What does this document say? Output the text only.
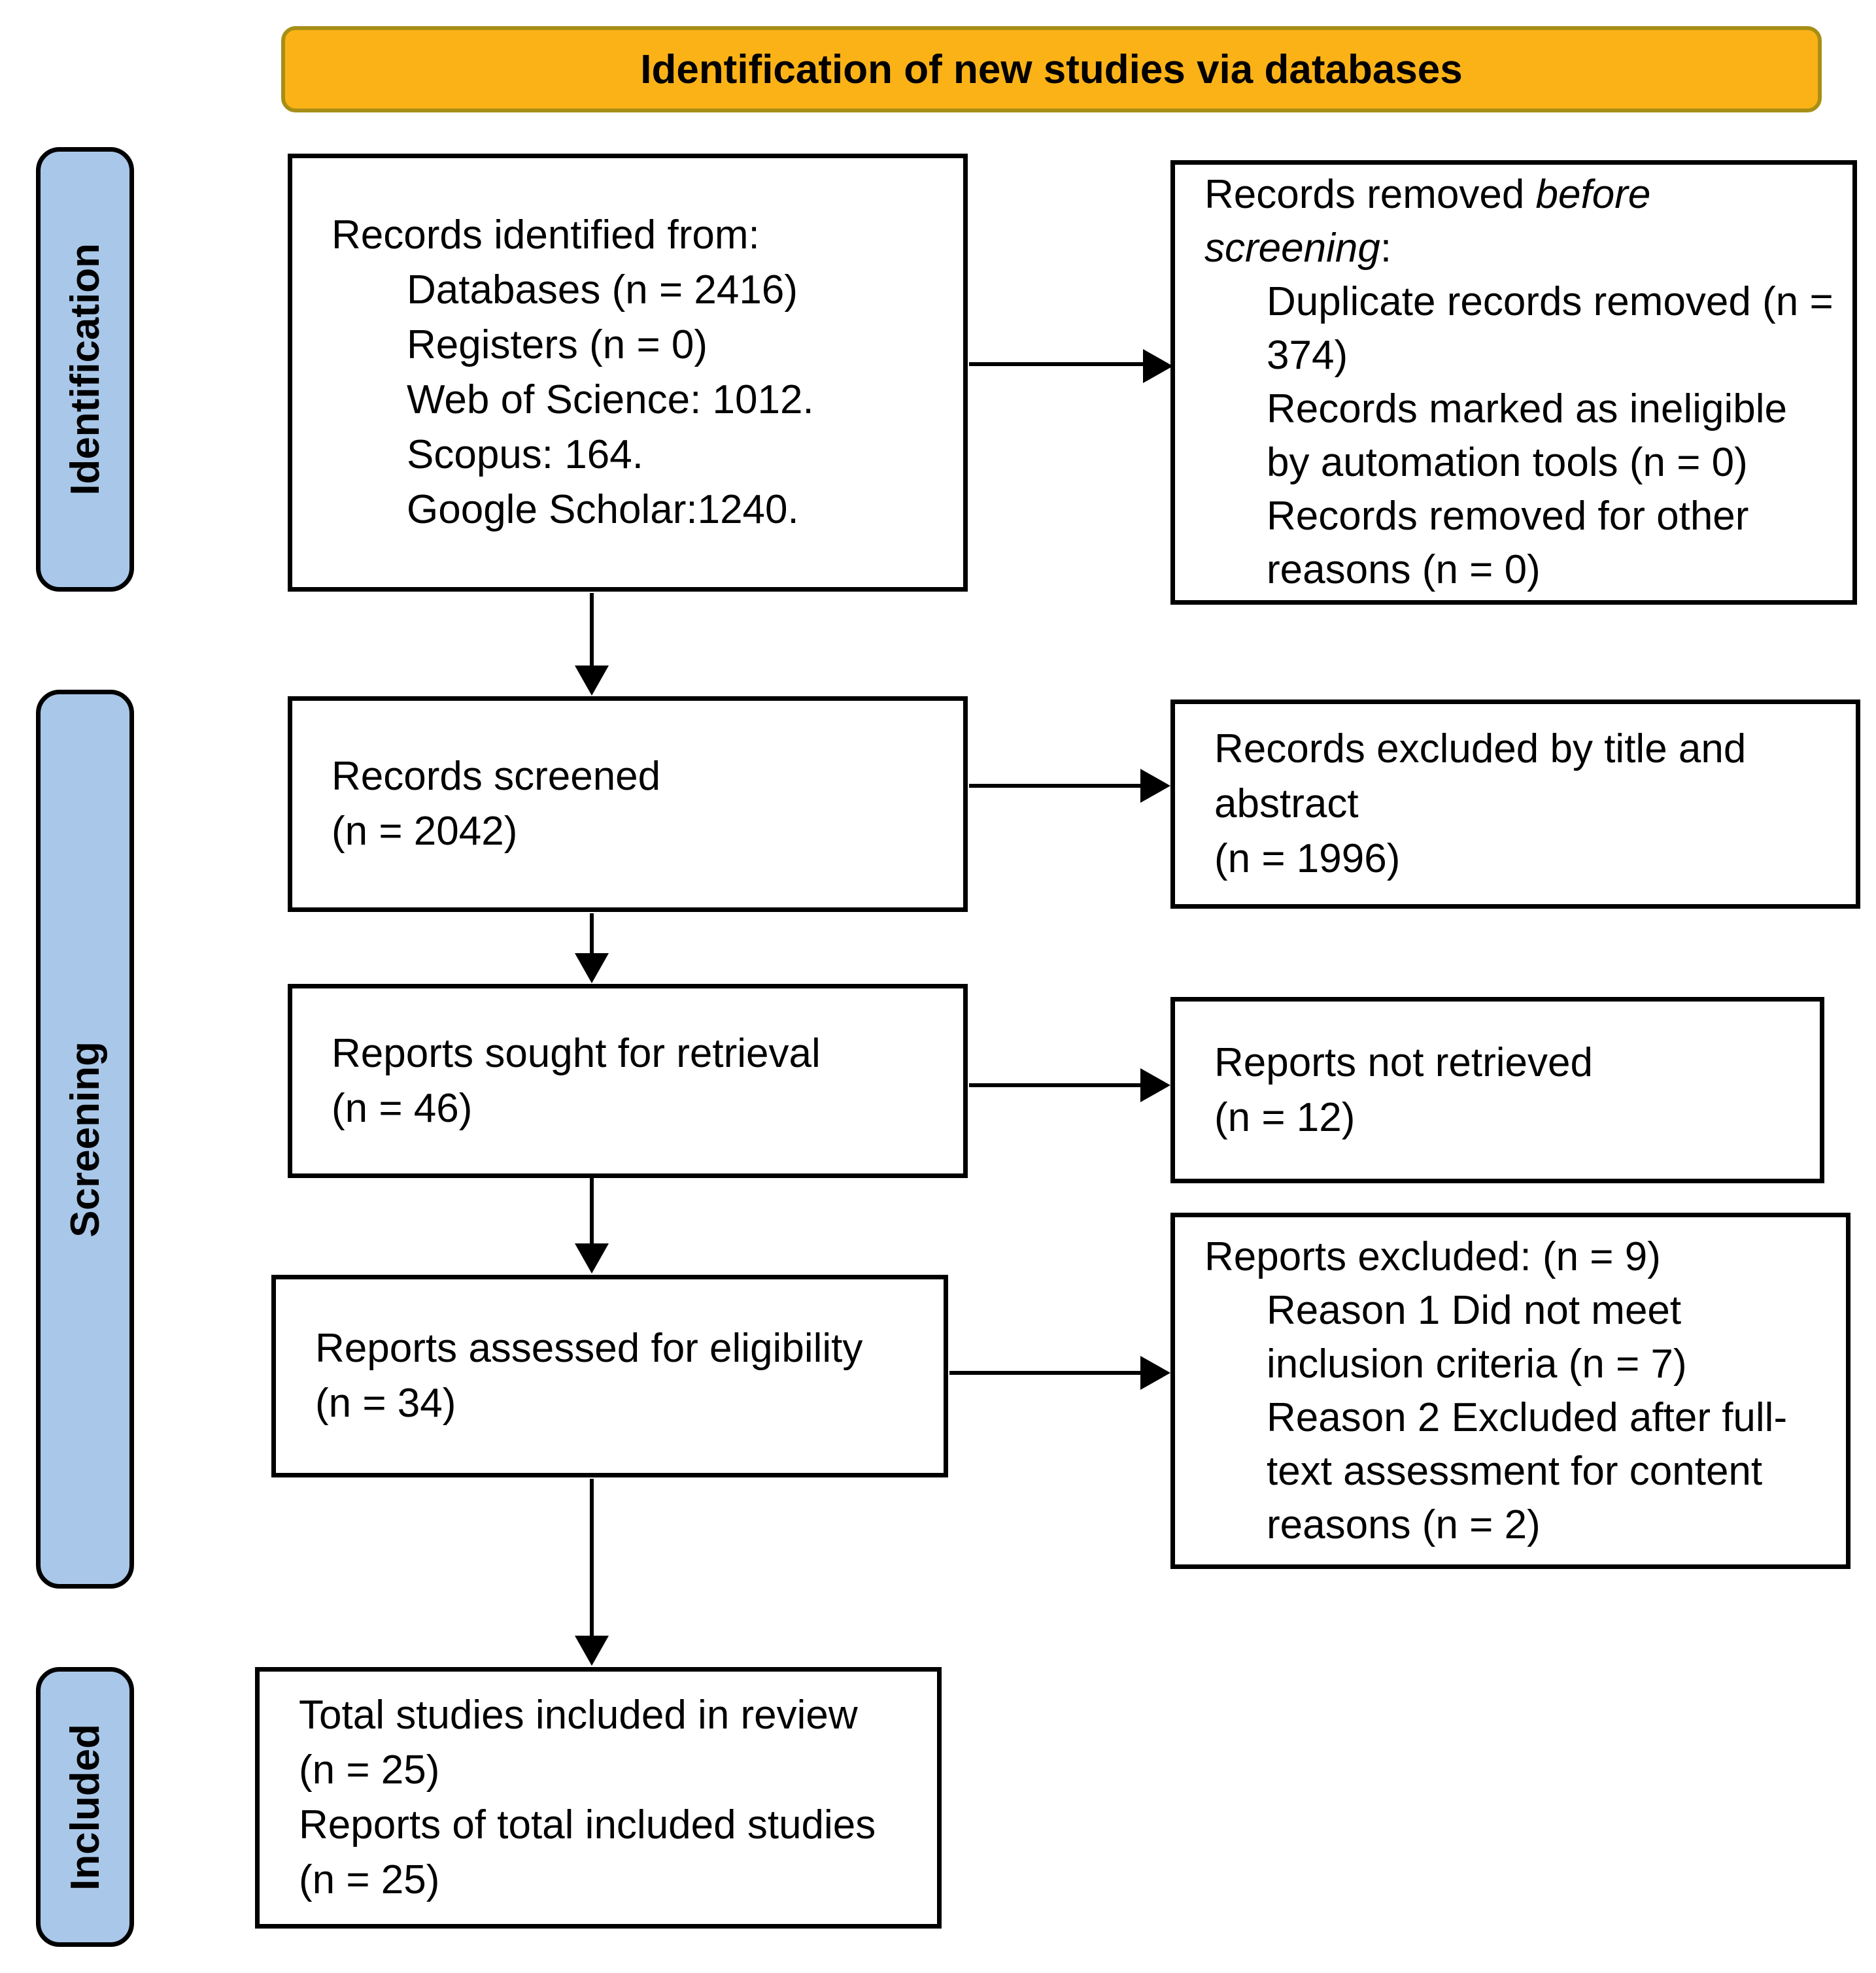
Identification of new studies via databases
Identification
Screening
Included
Records identified from:
Databases (n = 2416)
Registers (n = 0)
Web of Science: 1012.
Scopus: 164.
Google Scholar:1240.
Records removed before screening:
Duplicate records removed (n = 374)
Records marked as ineligible by automation tools (n = 0)
Records removed for other reasons (n = 0)
Records screened
(n = 2042)
Records excluded by title and abstract
(n = 1996)
Reports sought for retrieval
(n = 46)
Reports not retrieved
(n = 12)
Reports assessed for eligibility
(n = 34)
Reports excluded: (n = 9)
Reason 1 Did not meet inclusion criteria (n = 7)
Reason 2 Excluded after full-text assessment for content reasons (n = 2)
Total studies included in review
(n = 25)
Reports of total included studies
(n = 25)
